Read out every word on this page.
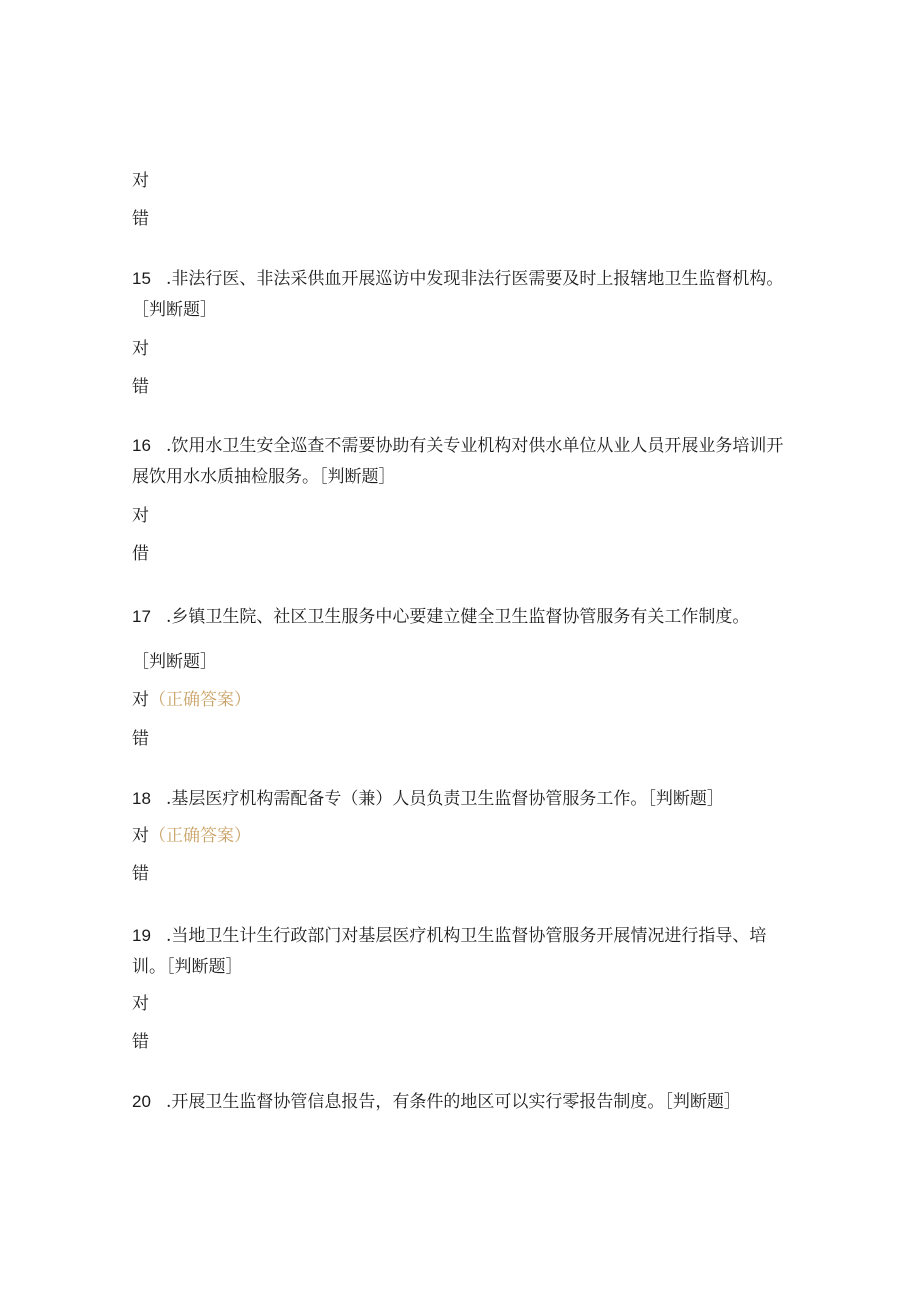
对
错
15 .非法行医、非法采供血开展巡访中发现非法行医需要及时上报辖地卫生监督机构。
［判断题］
对
错
16 .饮用水卫生安全巡查不需要协助有关专业机构对供水单位从业人员开展业务培训开
展饮用水水质抽检服务。［判断题］
对
借
17 .乡镇卫生院、社区卫生服务中心要建立健全卫生监督协管服务有关工作制度。
［判断题］
对（正确答案）
错
18 .基层医疗机构需配备专（兼）人员负责卫生监督协管服务工作。［判断题］
对（正确答案）
错
19 .当地卫生计生行政部门对基层医疗机构卫生监督协管服务开展情况进行指导、培
训。［判断题］
对
错
20 .开展卫生监督协管信息报告，有条件的地区可以实行零报告制度。［判断题］
